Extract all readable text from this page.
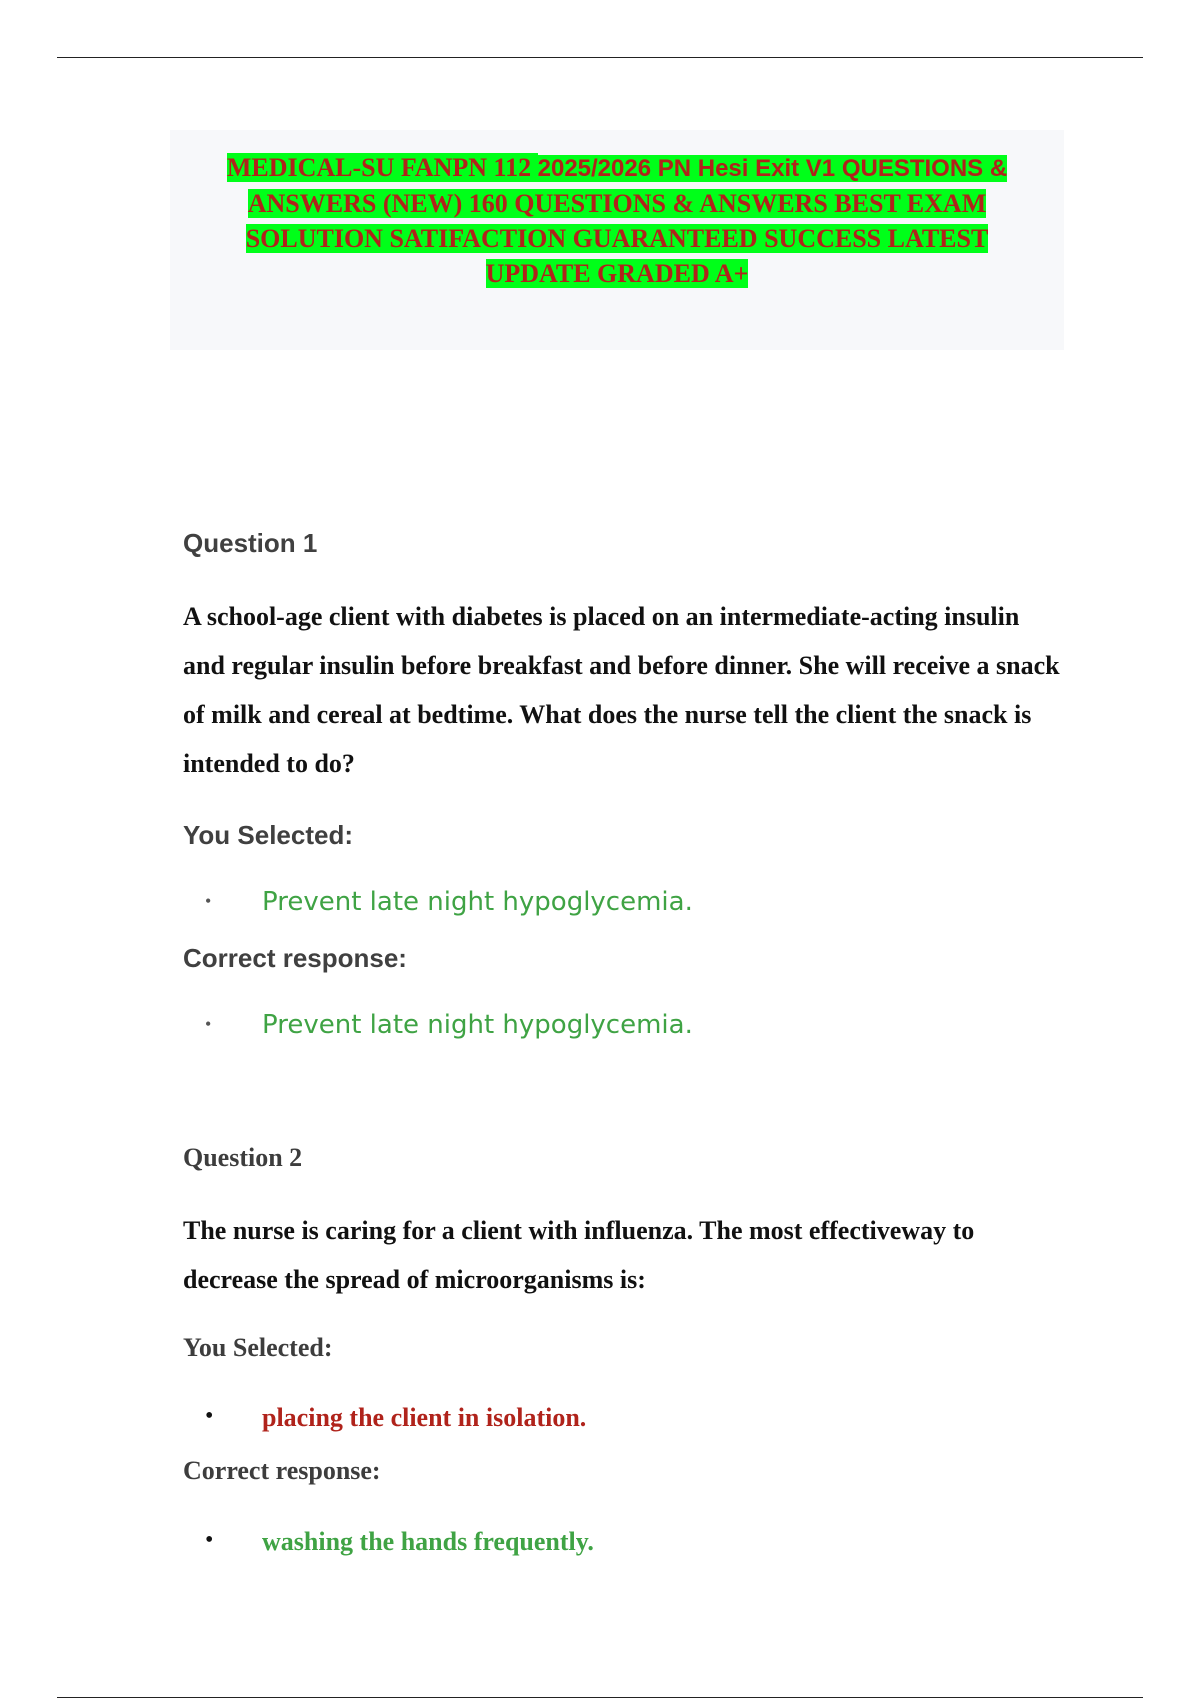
MEDICAL-SU FANPN 112 2025/2026 PN Hesi Exit V1 QUESTIONS &
ANSWERS (NEW) 160 QUESTIONS & ANSWERS BEST EXAM
SOLUTION SATIFACTION GUARANTEED SUCCESS LATEST
UPDATE GRADED A+
Question 1
A school-age client with diabetes is placed on an intermediate-acting insulin and regular insulin before breakfast and before dinner. She will receive a snack of milk and cereal at bedtime. What does the nurse tell the client the snack is intended to do?
You Selected:
• Prevent late night hypoglycemia.
Correct response:
• Prevent late night hypoglycemia.
Question 2
The nurse is caring for a client with influenza. The most effectiveway to decrease the spread of microorganisms is:
You Selected:
• placing the client in isolation.
Correct response:
• washing the hands frequently.
